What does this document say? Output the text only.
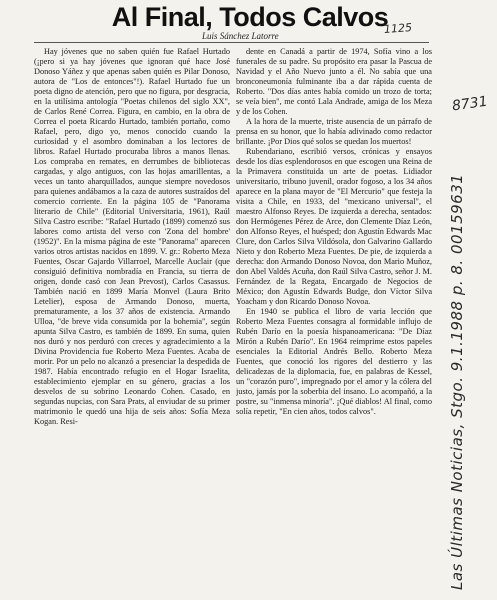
Al Final, Todos Calvos
Luis Sánchez Latorre

Hay jóvenes que no saben quién fue Rafael Hurtado (¡pero si ya hay jóvenes que ignoran qué hace José Donoso Yáñez y que apenas saben quién es Pilar Donoso, autora de "Los de entonces"!). Rafael Hurtado fue un poeta digno de atención, pero que no figura, por desgracia, en la utilísima antología "Poetas chilenos del siglo XX", de Carlos René Correa. Figura, en cambio, en la obra de Correa el poeta Ricardo Hurtado, también portaño, como Rafael, pero, digo yo, menos conocido cuando la curiosidad y el asombro dominaban a los lectores de libros. Rafael Hurtado procuraba libros a manos llenas. Los compraba en remates, en derrumbes de bibliotecas cargadas, y algo antiguos, con las hojas amarillentas, a veces un tanto aharquillados, aunque siempre novedosos para quienes andábamos a la caza de autores sustraídos del comercio corriente. En la página 105 de "Panorama literario de Chile" (Editorial Universitaria, 1961), Raúl Silva Castro escribe: "Rafael Hurtado (1899) comenzó sus labores como artista del verso con 'Zona del hombre' (1952)". En la misma página de este "Panorama" aparecen varios otros artistas nacidos en 1899. V. gr.: Roberto Meza Fuentes, Oscar Gajardo Villarroel, Marcelle Auclair (que consiguió definitiva nombradía en Francia, su tierra de origen, donde casó con Jean Prevost), Carlos Casassus. También nació en 1899 María Monvel (Laura Brito Letelier), esposa de Armando Donoso, muerta, prematuramente, a los 37 años de existencia. Armando Ulloa, "de breve vida consumida por la bohemia", según apunta Silva Castro, es también de 1899. En suma, quien nos duró y nos perduró con creces y agradecimiento a la Divina Providencia fue Roberto Meza Fuentes. Acaba de morir. Por un pelo no alcanzó a presenciar la despedida de 1987. Había encontrado refugio en el Hogar Israelita, establecimiento ejemplar en su género, gracias a los desvelos de su sobrino Leonardo Cohen. Casado, en segundas nupcias, con Sara Prats, al enviudar de su primer matrimonio le quedó una hija de seis años: Sofía Meza Kogan. Resi-

dente en Canadá a partir de 1974, Sofía vino a los funerales de su padre. Su propósito era pasar la Pascua de Navidad y el Año Nuevo junto a él. No sabía que una bronconeumonía fulminante iba a dar rápida cuenta de Roberto. "Dos días antes había comido un trozo de torta; se veía bien", me contó Lala Andrade, amiga de los Meza y de los Cohen.

A la hora de la muerte, triste ausencia de un párrafo de prensa en su honor, que lo había adivinado como redactor brillante. ¡Por Dios qué solos se quedan los muertos!

Rubendariano, escribió versos, crónicas y ensayos desde los días esplendorosos en que escogen una Reina de la Primavera constituida un arte de poetas. Lidiador universitario, tribuno juvenil, orador fogoso, a los 34 años aparece en la plana mayor de "El Mercurio" que festeja la visita a Chile, en 1933, del "mexicano universal", el maestro Alfonso Reyes. De izquierda a derecha, sentados: don Hermógenes Pérez de Arce, don Clemente Díaz León, don Alfonso Reyes, el huésped; don Agustín Edwards Mac Clure, don Carlos Silva Vildósola, don Galvarino Gallardo Nieto y don Roberto Meza Fuentes. De pie, de izquierda a derecha: don Armando Donoso Novoa, don Mario Muñoz, don Abel Valdés Acuña, don Raúl Silva Castro, señor J. M. Fernández de la Regata, Encargado de Negocios de México; don Agustín Edwards Budge, don Víctor Silva Yoacham y don Ricardo Donoso Novoa.

En 1940 se publica el libro de varia lección que Roberto Meza Fuentes consagra al formidable influjo de Rubén Darío en la poesía hispanoamericana: "De Díaz Mirón a Rubén Darío". En 1964 reimprime estos papeles esenciales la Editorial Andrés Bello. Roberto Meza Fuentes, que conoció los rigores del destierro y las delicadezas de la diplomacia, fue, en palabras de Kessel, un "corazón puro", impregnado por el amor y la cólera del justo, jamás por la soberbia del insano. Lo acompañó, a la postre, su "inmensa minoría". ¡Qué diablos! Al final, como solía repetir, "En cien años, todos calvos".

1125
8731
Las Últimas Noticias, Stgo. 9.1.1988 p. 8. 00159631
